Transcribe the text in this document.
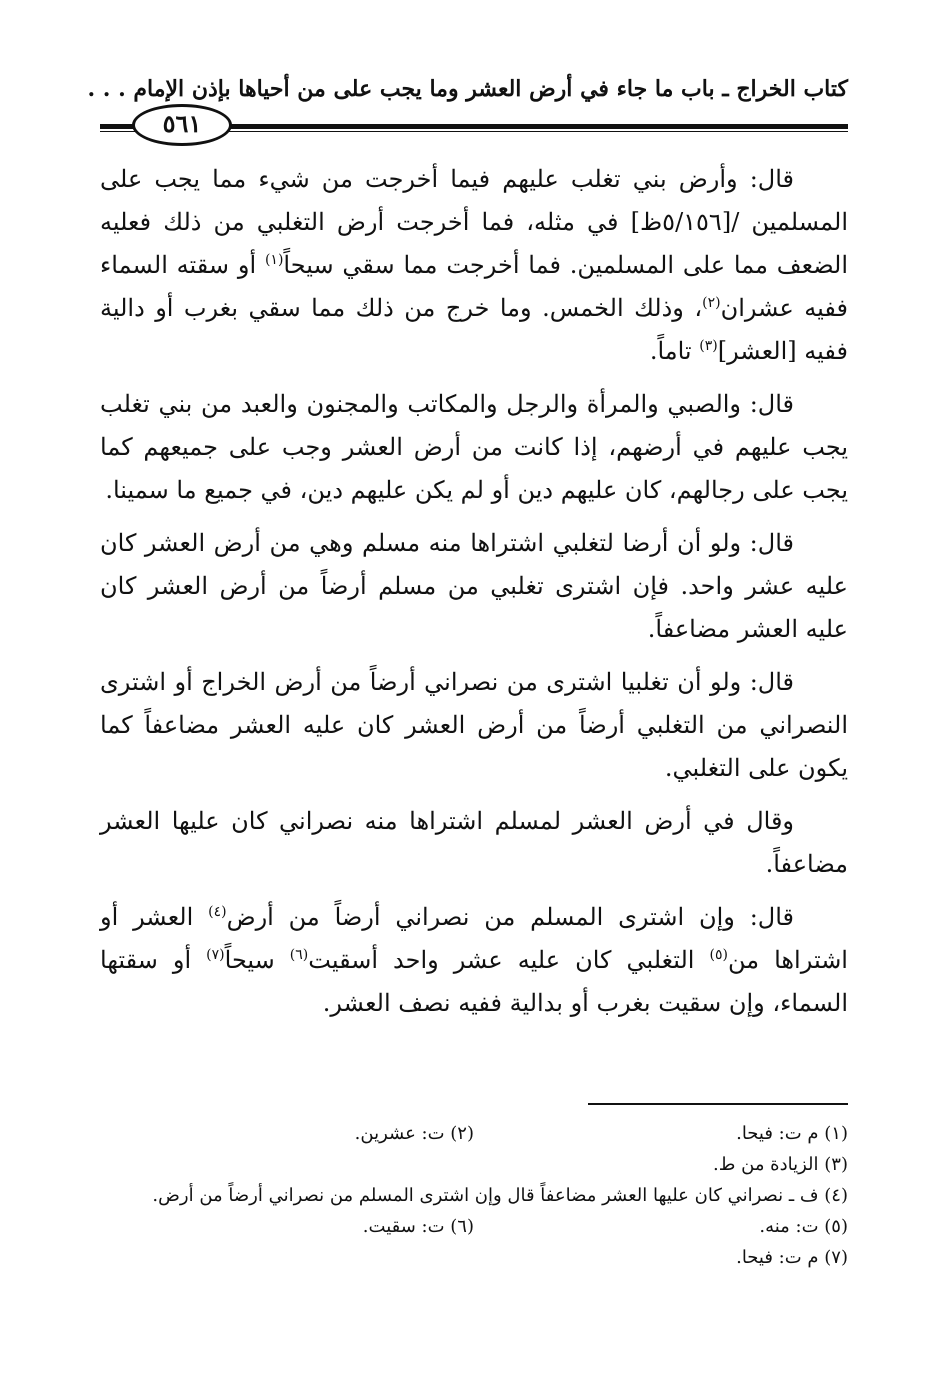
كتاب الخراج ـ باب ما جاء في أرض العشر وما يجب على من أحياها بإذن الإمام . . .
٥٦١

قال: وأرض بني تغلب عليهم فيما أخرجت من شيء مما يجب على المسلمين /[٥/١٥٦ظ] في مثله، فما أخرجت أرض التغلبي من ذلك فعليه الضعف مما على المسلمين. فما أخرجت مما سقي سيحاً$^{(١)}$ أو سقته السماء ففيه عشران$^{(٢)}$، وذلك الخمس. وما خرج من ذلك مما سقي بغرب أو دالية ففيه [العشر]$^{(٣)}$ تاماً.

قال: والصبي والمرأة والرجل والمكاتب والمجنون والعبد من بني تغلب يجب عليهم في أرضهم، إذا كانت من أرض العشر وجب على جميعهم كما يجب على رجالهم، كان عليهم دين أو لم يكن عليهم دين، في جميع ما سمينا.

قال: ولو أن أرضا لتغلبي اشتراها منه مسلم وهي من أرض العشر كان عليه عشر واحد. فإن اشترى تغلبي من مسلم أرضاً من أرض العشر كان عليه العشر مضاعفاً.

قال: ولو أن تغلبيا اشترى من نصراني أرضاً من أرض الخراج أو اشترى النصراني من التغلبي أرضاً من أرض العشر كان عليه العشر مضاعفاً كما يكون على التغلبي.

وقال في أرض العشر لمسلم اشتراها منه نصراني كان عليها العشر مضاعفاً.

قال: وإن اشترى المسلم من نصراني أرضاً من أرض$^{(٤)}$ العشر أو اشتراها من$^{(٥)}$ التغلبي كان عليه عشر واحد أسقيت$^{(٦)}$ سيحاً$^{(٧)}$ أو سقتها السماء، وإن سقيت بغرب أو بدالية ففيه نصف العشر.

(١) م ت: فيحا.
(٢) ت: عشرين.
(٣) الزيادة من ط.
(٤) ف ـ نصراني كان عليها العشر مضاعفاً قال وإن اشترى المسلم من نصراني أرضاً من أرض.
(٥) ت: منه.
(٦) ت: سقيت.
(٧) م ت: فيحا.
